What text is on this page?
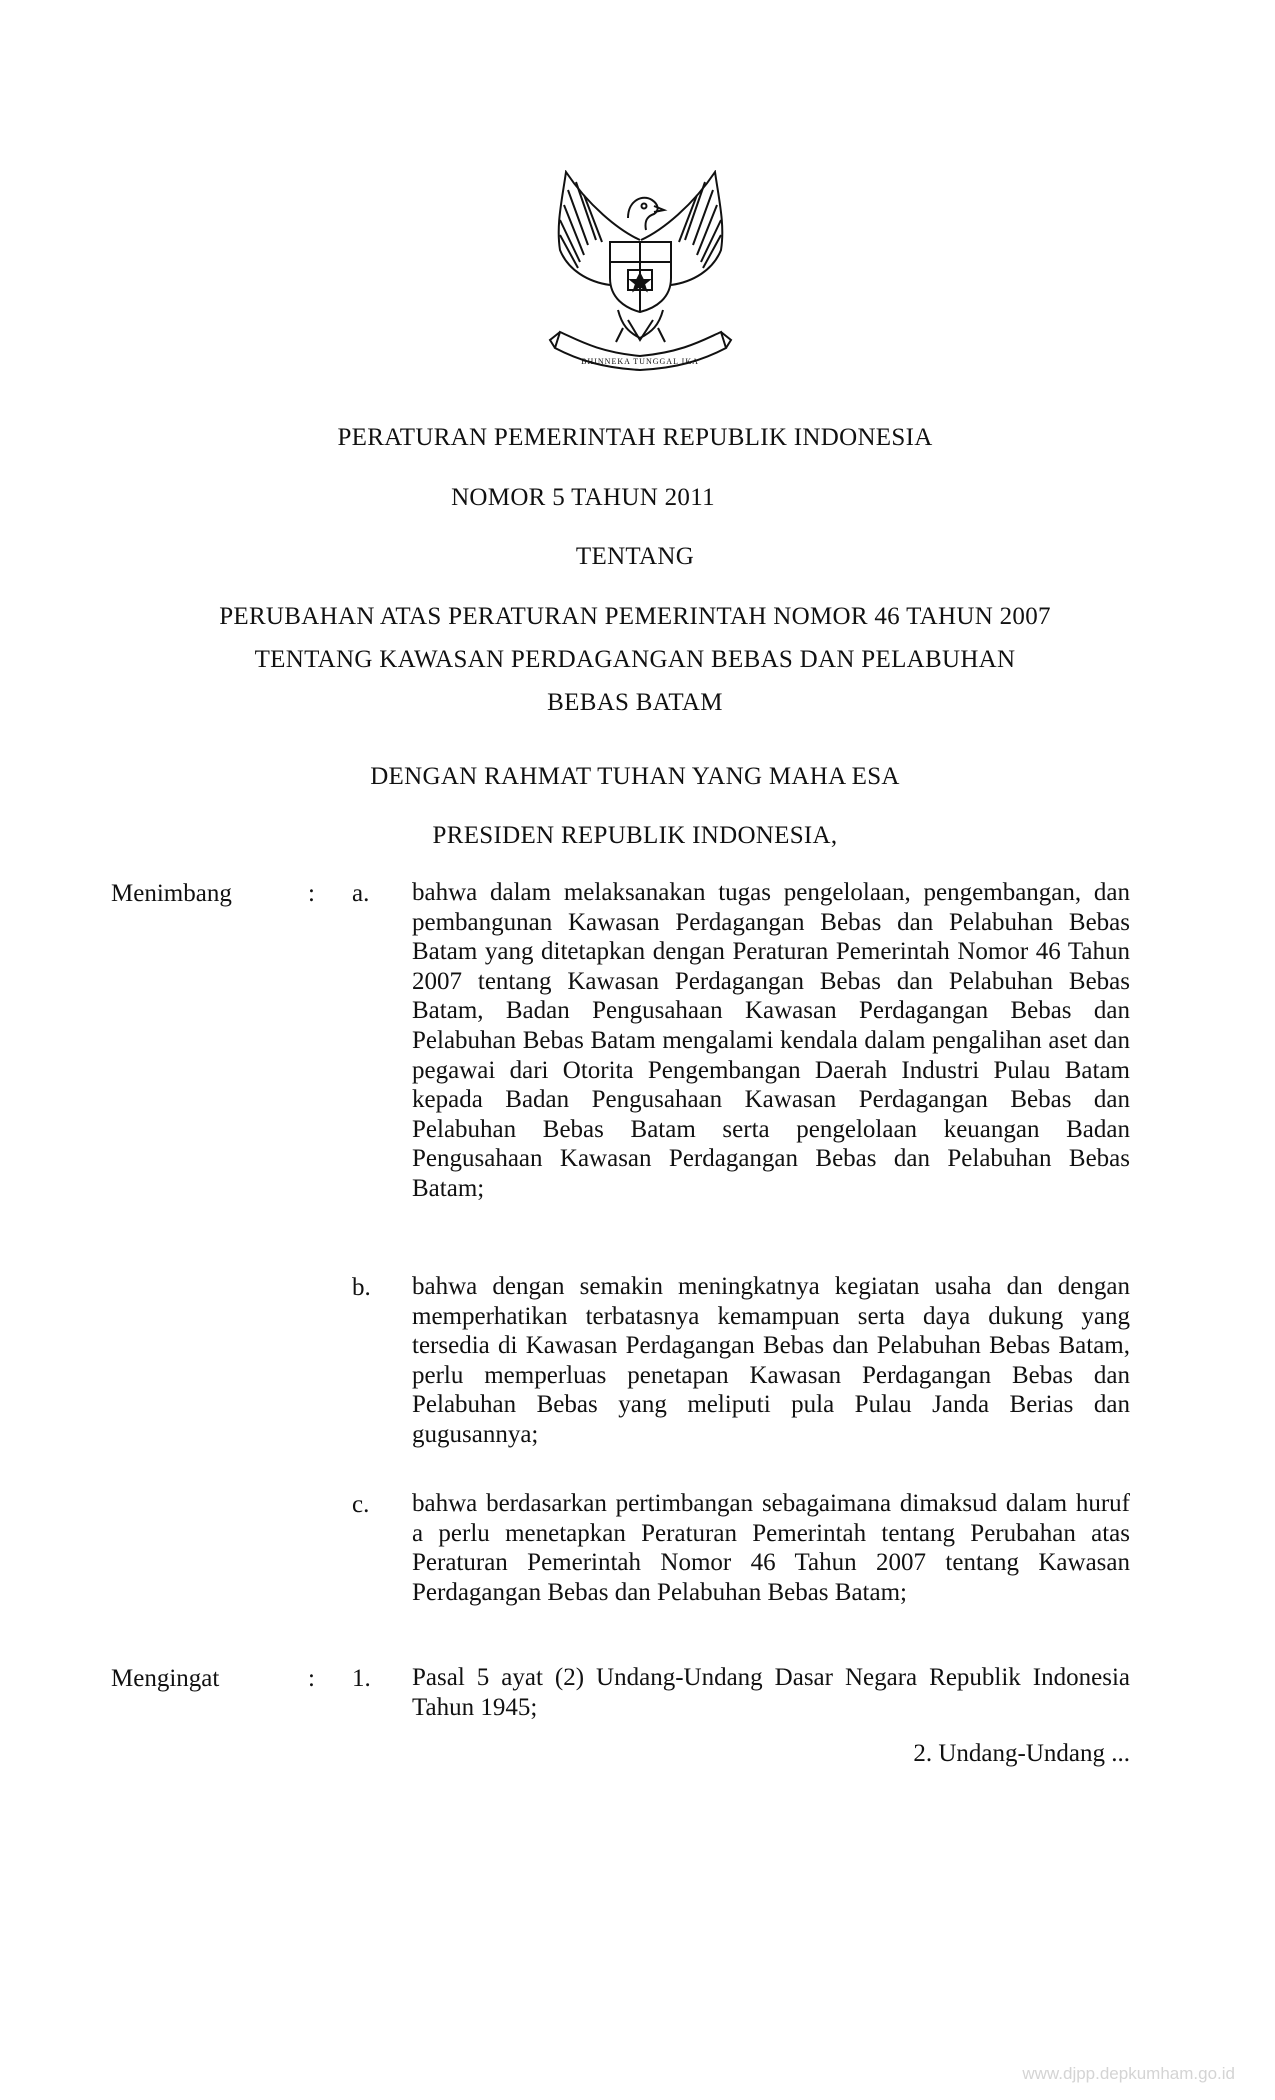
BHINNEKA TUNGGAL IKA
PERATURAN PEMERINTAH REPUBLIK INDONESIA
NOMOR 5 TAHUN 2011
TENTANG
PERUBAHAN ATAS PERATURAN PEMERINTAH NOMOR 46 TAHUN 2007
TENTANG KAWASAN PERDAGANGAN BEBAS DAN PELABUHAN
BEBAS BATAM
DENGAN RAHMAT TUHAN YANG MAHA ESA
PRESIDEN REPUBLIK INDONESIA,
Menimbang	: a. bahwa dalam melaksanakan tugas pengelolaan, pengembangan, dan pembangunan Kawasan Perdagangan Bebas dan Pelabuhan Bebas Batam yang ditetapkan dengan Peraturan Pemerintah Nomor 46 Tahun 2007 tentang Kawasan Perdagangan Bebas dan Pelabuhan Bebas Batam, Badan Pengusahaan Kawasan Perdagangan Bebas dan Pelabuhan Bebas Batam mengalami kendala dalam pengalihan aset dan pegawai dari Otorita Pengembangan Daerah Industri Pulau Batam kepada Badan Pengusahaan Kawasan Perdagangan Bebas dan Pelabuhan Bebas Batam serta pengelolaan keuangan Badan Pengusahaan Kawasan Perdagangan Bebas dan Pelabuhan Bebas Batam;
b. bahwa dengan semakin meningkatnya kegiatan usaha dan dengan memperhatikan terbatasnya kemampuan serta daya dukung yang tersedia di Kawasan Perdagangan Bebas dan Pelabuhan Bebas Batam, perlu memperluas penetapan Kawasan Perdagangan Bebas dan Pelabuhan Bebas yang meliputi pula Pulau Janda Berias dan gugusannya;
c. bahwa berdasarkan pertimbangan sebagaimana dimaksud dalam huruf a perlu menetapkan Peraturan Pemerintah tentang Perubahan atas Peraturan Pemerintah Nomor 46 Tahun 2007 tentang Kawasan Perdagangan Bebas dan Pelabuhan Bebas Batam;
Mengingat	: 1. Pasal 5 ayat (2) Undang-Undang Dasar Negara Republik Indonesia Tahun 1945;
2. Undang-Undang ...
www.djpp.depkumham.go.id
